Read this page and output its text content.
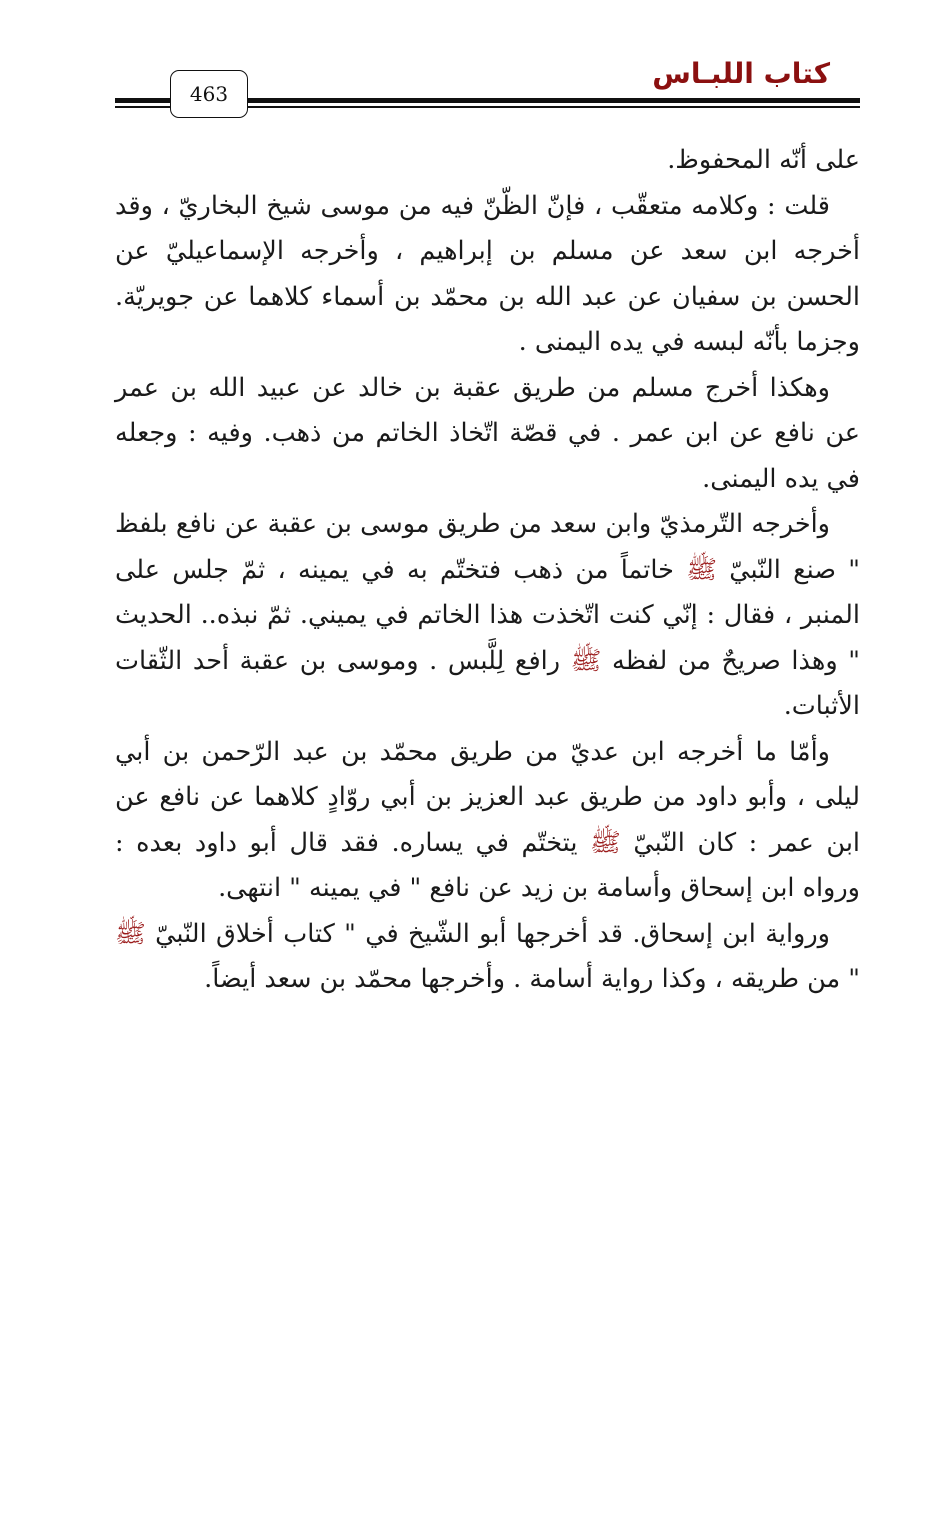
كتاب اللبـاس
463

على أنّه المحفوظ.

قلت : وكلامه متعقّب ، فإنّ الظّنّ فيه من موسى شيخ البخاريّ ، وقد أخرجه ابن سعد عن مسلم بن إبراهيم ، وأخرجه الإسماعيليّ عن الحسن بن سفيان عن عبد الله بن محمّد بن أسماء كلاهما عن جويريّة. وجزما بأنّه لبسه في يده اليمنى .

وهكذا أخرج مسلم من طريق عقبة بن خالد عن عبيد الله بن عمر عن نافع عن ابن عمر . في قصّة اتّخاذ الخاتم من ذهب. وفيه : وجعله في يده اليمنى.

وأخرجه التّرمذيّ وابن سعد من طريق موسى بن عقبة عن نافع بلفظ " صنع النّبيّ ﷺ خاتماً من ذهب فتختّم به في يمينه ، ثمّ جلس على المنبر ، فقال : إنّي كنت اتّخذت هذا الخاتم في يميني. ثمّ نبذه.. الحديث " وهذا صريحٌ من لفظه ﷺ رافع لِلَّبس . وموسى بن عقبة أحد الثّقات الأثبات.

وأمّا ما أخرجه ابن عديّ من طريق محمّد بن عبد الرّحمن بن أبي ليلى ، وأبو داود من طريق عبد العزيز بن أبي روّادٍ كلاهما عن نافع عن ابن عمر : كان النّبيّ ﷺ يتختّم في يساره. فقد قال أبو داود بعده : ورواه ابن إسحاق وأسامة بن زيد عن نافع " في يمينه " انتهى.

ورواية ابن إسحاق. قد أخرجها أبو الشّيخ في " كتاب أخلاق النّبيّ ﷺ " من طريقه ، وكذا رواية أسامة . وأخرجها محمّد بن سعد أيضاً.
